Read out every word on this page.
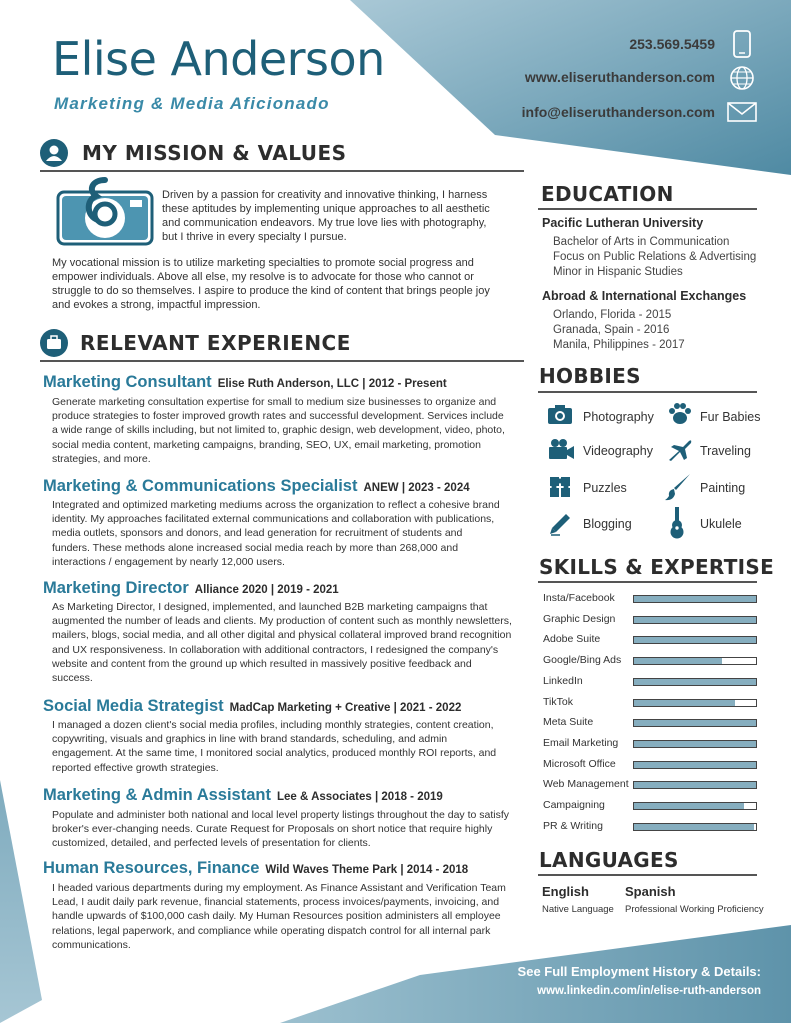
Elise Anderson
Marketing & Media Aficionado
253.569.5459
www.eliseruthanderson.com
info@eliseruthanderson.com
MY MISSION & VALUES
Driven by a passion for creativity and innovative thinking, I harness these aptitudes by implementing unique approaches to all aesthetic and communication endeavors. My true love lies with photography, but I thrive in every specialty I pursue.
My vocational mission is to utilize marketing specialties to promote social progress and empower individuals. Above all else, my resolve is to advocate for those who cannot or struggle to do so themselves. I aspire to produce the kind of content that brings people joy and evokes a strong, impactful impression.
RELEVANT EXPERIENCE
Marketing Consultant Elise Ruth Anderson, LLC | 2012 - Present
Generate marketing consultation expertise for small to medium size businesses to organize and produce strategies to foster improved growth rates and successful development. Services include a wide range of skills including, but not limited to, graphic design, web development, video, photo, social media content, marketing campaigns, branding, SEO, UX, email marketing, promotion strategies, and more.
Marketing & Communications Specialist ANEW | 2023 - 2024
Integrated and optimized marketing mediums across the organization to reflect a cohesive brand identity. My approaches facilitated external communications and collaboration with publications, media outlets, sponsors and donors, and lead generation for recruitment of students and funders. These methods alone increased social media reach by more than 268,000 and interactions / engagement by nearly 12,000 users.
Marketing Director Alliance 2020 | 2019 - 2021
As Marketing Director, I designed, implemented, and launched B2B marketing campaigns that augmented the number of leads and clients. My production of content such as monthly newsletters, mailers, blogs, social media, and all other digital and physical collateral improved brand recognition and UX responsiveness. In collaboration with additional contractors, I redesigned the company's website and content from the ground up which resulted in massively positive feedback and success.
Social Media Strategist MadCap Marketing + Creative | 2021 - 2022
I managed a dozen client's social media profiles, including monthly strategies, content creation, copywriting, visuals and graphics in line with brand standards, scheduling, and admin engagement. At the same time, I monitored social analytics, produced monthly ROI reports, and reported effective growth strategies.
Marketing & Admin Assistant Lee & Associates | 2018 - 2019
Populate and administer both national and local level property listings throughout the day to satisfy broker's ever-changing needs. Curate Request for Proposals on short notice that require highly customized, detailed, and perfected levels of presentation for clients.
Human Resources, Finance Wild Waves Theme Park | 2014 - 2018
I headed various departments during my employment. As Finance Assistant and Verification Team Lead, I audit daily park revenue, financial statements, process invoices/payments, invoicing, and handle upwards of $100,000 cash daily. My Human Resources position administers all employee relations, legal paperwork, and compliance while operating dispatch control for all internal park communications.
EDUCATION
Pacific Lutheran University
Bachelor of Arts in Communication
Focus on Public Relations & Advertising
Minor in Hispanic Studies
Abroad & International Exchanges
Orlando, Florida - 2015
Granada, Spain - 2016
Manila, Philippines - 2017
HOBBIES
Photography	Fur Babies
Videography	Traveling
Puzzles	Painting
Blogging	Ukulele
SKILLS & EXPERTISE
Insta/Facebook
Graphic Design
Adobe Suite
Google/Bing Ads
LinkedIn
TikTok
Meta Suite
Email Marketing
Microsoft Office
Web Management
Campaigning
PR & Writing
LANGUAGES
English
Native Language
Spanish
Professional Working Proficiency
See Full Employment History & Details:
www.linkedin.com/in/elise-ruth-anderson
